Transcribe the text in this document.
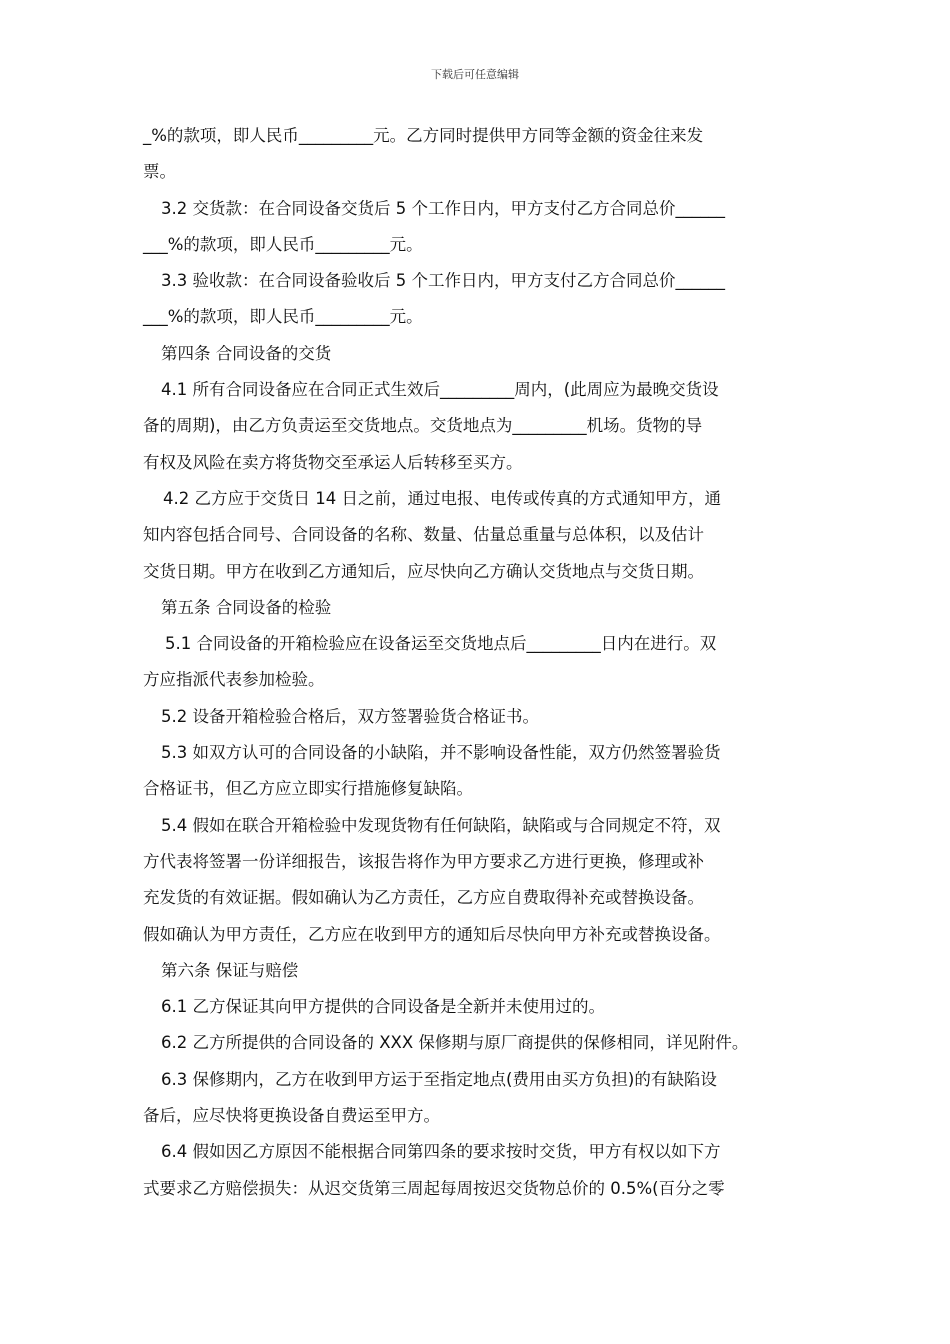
下载后可任意编辑
_%的款项，即人民币_________元。乙方同时提供甲方同等金额的资金往来发
票。
3.2 交货款：在合同设备交货后 5 个工作日内，甲方支付乙方合同总价______
___%的款项，即人民币_________元。
3.3 验收款：在合同设备验收后 5 个工作日内，甲方支付乙方合同总价______
___%的款项，即人民币_________元。
第四条 合同设备的交货
4.1 所有合同设备应在合同正式生效后_________周内，(此周应为最晚交货设
备的周期)，由乙方负责运至交货地点。交货地点为_________机场。货物的导
有权及风险在卖方将货物交至承运人后转移至买方。
4.2 乙方应于交货日 14 日之前，通过电报、电传或传真的方式通知甲方，通
知内容包括合同号、合同设备的名称、数量、估量总重量与总体积，以及估计
交货日期。甲方在收到乙方通知后，应尽快向乙方确认交货地点与交货日期。
第五条 合同设备的检验
5.1 合同设备的开箱检验应在设备运至交货地点后_________日内在进行。双
方应指派代表参加检验。
5.2 设备开箱检验合格后，双方签署验货合格证书。
5.3 如双方认可的合同设备的小缺陷，并不影响设备性能，双方仍然签署验货
合格证书，但乙方应立即实行措施修复缺陷。
5.4 假如在联合开箱检验中发现货物有任何缺陷，缺陷或与合同规定不符，双
方代表将签署一份详细报告，该报告将作为甲方要求乙方进行更换，修理或补
充发货的有效证据。假如确认为乙方责任，乙方应自费取得补充或替换设备。
假如确认为甲方责任，乙方应在收到甲方的通知后尽快向甲方补充或替换设备。
第六条 保证与赔偿
6.1 乙方保证其向甲方提供的合同设备是全新并未使用过的。
6.2 乙方所提供的合同设备的 XXX 保修期与原厂商提供的保修相同，详见附件。
6.3 保修期内，乙方在收到甲方运于至指定地点(费用由买方负担)的有缺陷设
备后，应尽快将更换设备自费运至甲方。
6.4 假如因乙方原因不能根据合同第四条的要求按时交货，甲方有权以如下方
式要求乙方赔偿损失：从迟交货第三周起每周按迟交货物总价的 0.5%(百分之零
